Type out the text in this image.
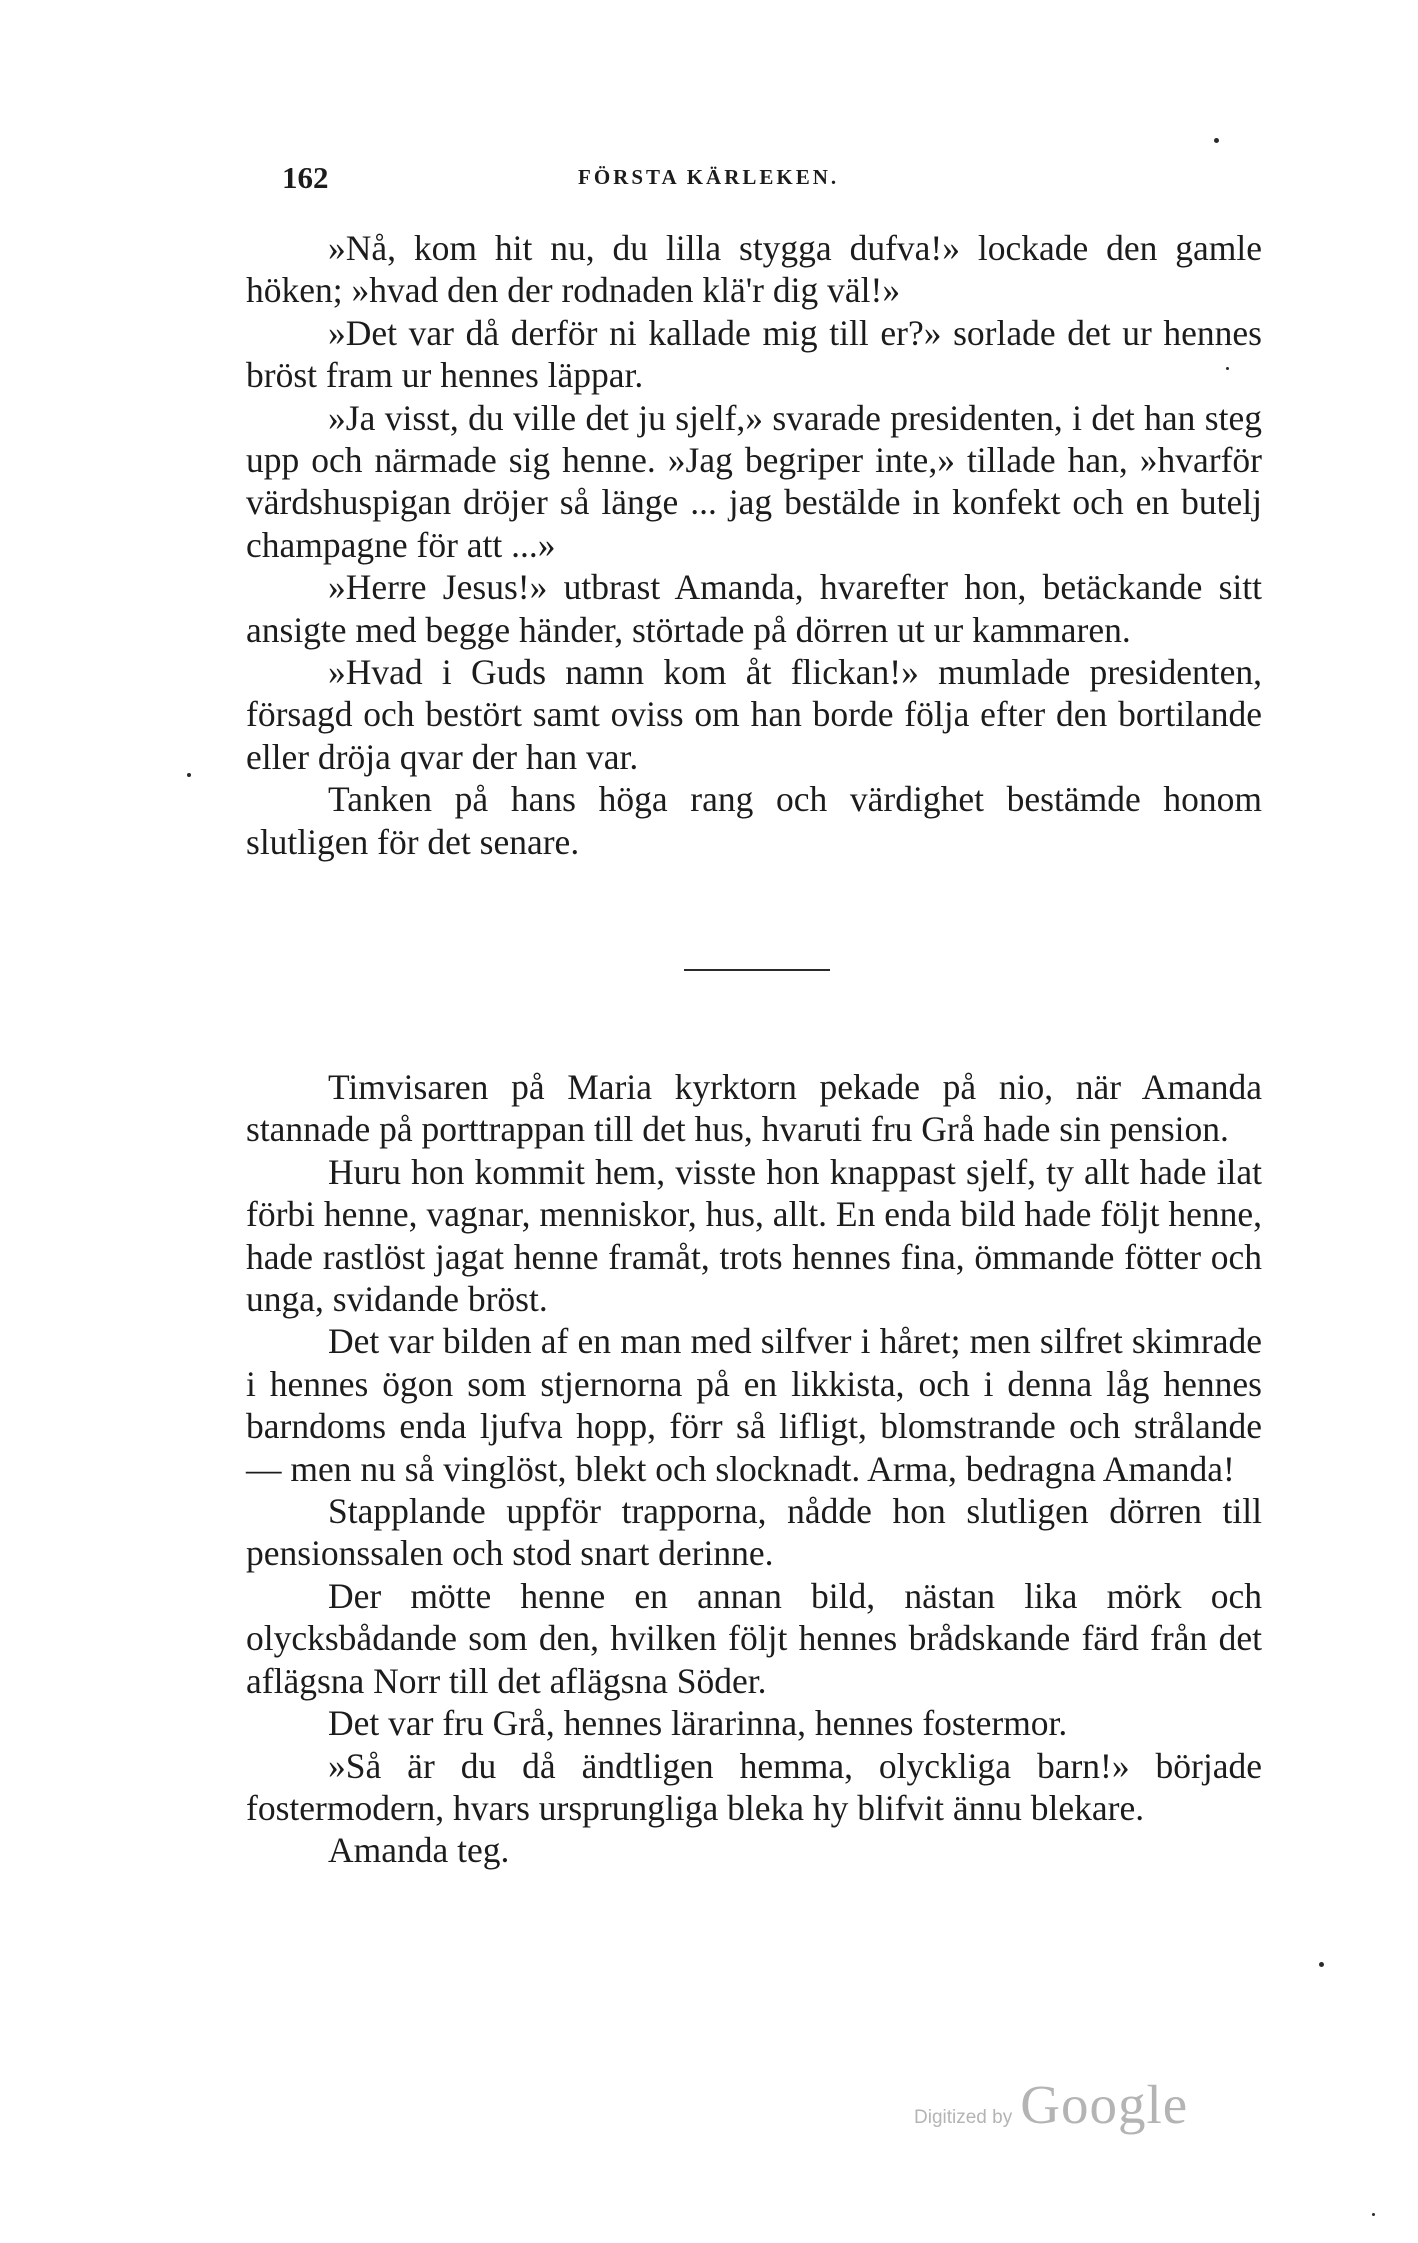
162	FÖRSTA KÄRLEKEN.

»Nå, kom hit nu, du lilla stygga dufva!» lockade den gamle höken; »hvad den der rodnaden klä'r dig väl!»

»Det var då derför ni kallade mig till er?» sorlade det ur hennes bröst fram ur hennes läppar.

»Ja visst, du ville det ju sjelf,» svarade presidenten, i det han steg upp och närmade sig henne. »Jag begriper inte,» tillade han, »hvarför värdshuspigan dröjer så länge ... jag bestälde in konfekt och en butelj champagne för att ...»

»Herre Jesus!» utbrast Amanda, hvarefter hon, betäckande sitt ansigte med begge händer, störtade på dörren ut ur kammaren.

»Hvad i Guds namn kom åt flickan!» mumlade presidenten, försagd och bestört samt oviss om han borde följa efter den bortilande eller dröja qvar der han var.

Tanken på hans höga rang och värdighet bestämde honom slutligen för det senare.

Timvisaren på Maria kyrktorn pekade på nio, när Amanda stannade på porttrappan till det hus, hvaruti fru Grå hade sin pension.

Huru hon kommit hem, visste hon knappast sjelf, ty allt hade ilat förbi henne, vagnar, menniskor, hus, allt. En enda bild hade följt henne, hade rastlöst jagat henne framåt, trots hennes fina, ömmande fötter och unga, svidande bröst.

Det var bilden af en man med silfver i håret; men silfret skimrade i hennes ögon som stjernorna på en likkista, och i denna låg hennes barndoms enda ljufva hopp, förr så lifligt, blomstrande och strålande — men nu så vinglöst, blekt och slocknadt. Arma, bedragna Amanda!

Stapplande uppför trapporna, nådde hon slutligen dörren till pensionssalen och stod snart derinne.

Der mötte henne en annan bild, nästan lika mörk och olycksbådande som den, hvilken följt hennes brådskande färd från det aflägsna Norr till det aflägsna Söder.

Det var fru Grå, hennes lärarinna, hennes fostermor.

»Så är du då ändtligen hemma, olyckliga barn!» började fostermodern, hvars ursprungliga bleka hy blifvit ännu blekare.

Amanda teg.

Digitized by Google
